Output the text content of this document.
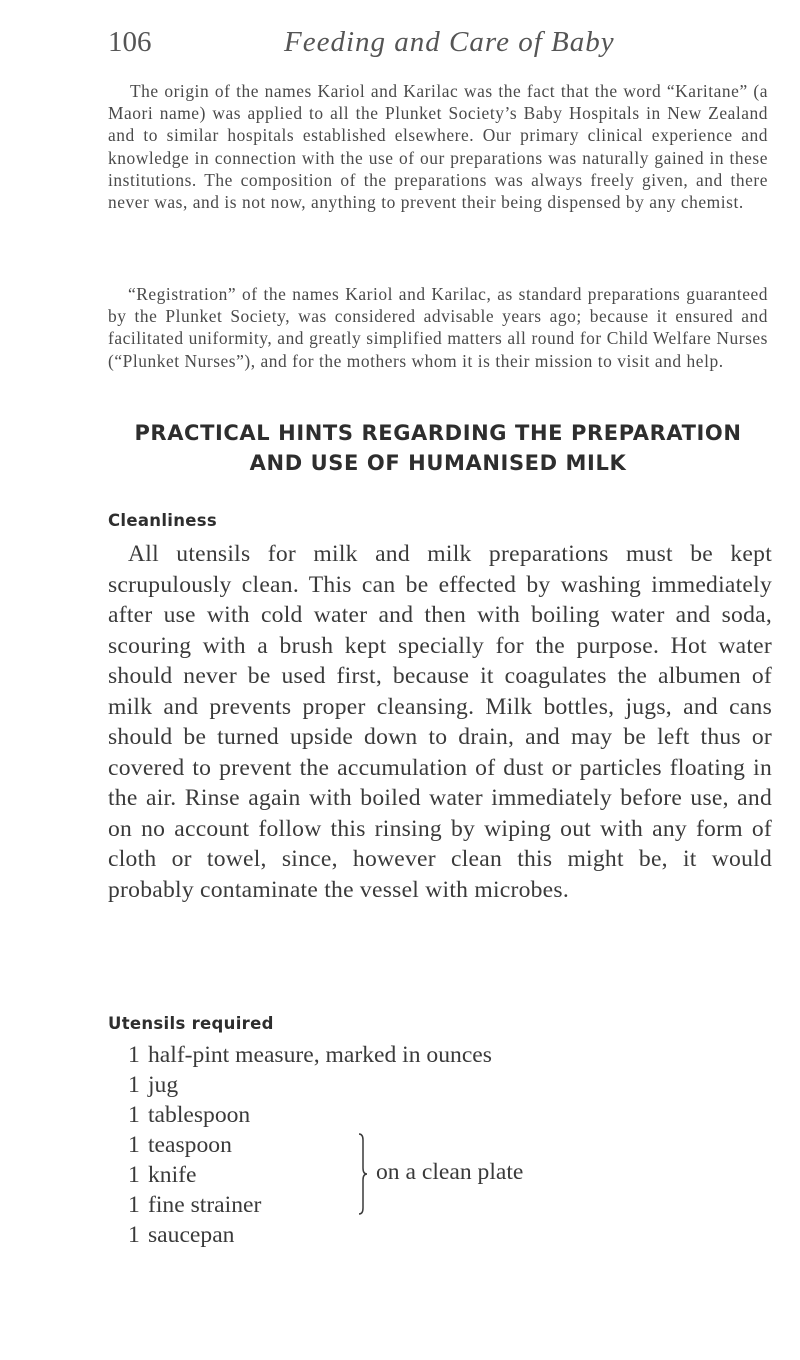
106	Feeding and Care of Baby

The origin of the names Kariol and Karilac was the fact that the word “Karitane” (a Maori name) was applied to all the Plunket Society’s Baby Hospitals in New Zealand and to similar hospitals established elsewhere. Our primary clinical experience and knowledge in connection with the use of our preparations was naturally gained in these institutions. The composition of the preparations was always freely given, and there never was, and is not now, anything to prevent their being dispensed by any chemist.

“Registration” of the names Kariol and Karilac, as standard preparations guaranteed by the Plunket Society, was considered advisable years ago; because it ensured and facilitated uniformity, and greatly simplified matters all round for Child Welfare Nurses (“Plunket Nurses”), and for the mothers whom it is their mission to visit and help.

PRACTICAL HINTS REGARDING THE PREPARATION
AND USE OF HUMANISED MILK
Cleanliness

All utensils for milk and milk preparations must be kept scrupulously clean. This can be effected by washing immediately after use with cold water and then with boiling water and soda, scouring with a brush kept specially for the purpose. Hot water should never be used first, because it coagulates the albumen of milk and prevents proper cleansing. Milk bottles, jugs, and cans should be turned upside down to drain, and may be left thus or covered to prevent the accumulation of dust or particles floating in the air. Rinse again with boiled water immediately before use, and on no account follow this rinsing by wiping out with any form of cloth or towel, since, however clean this might be, it would probably contaminate the vessel with microbes.

Utensils required
1 half-pint measure, marked in ounces
1 jug
1 tablespoon
1 teaspoon
1 knife
1 fine strainer
1 saucepan
on a clean plate
